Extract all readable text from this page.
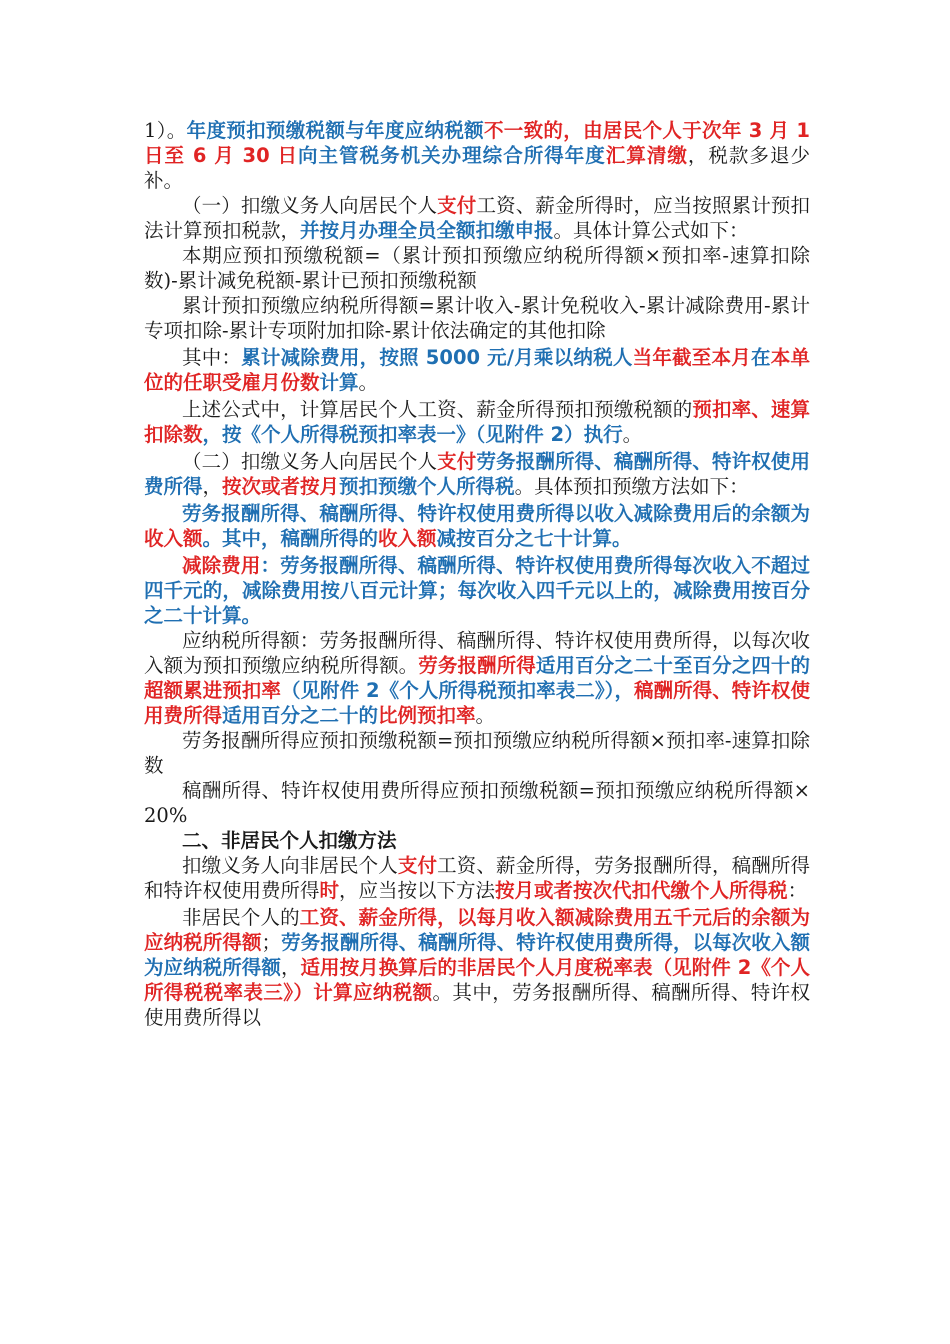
1）。年度预扣预缴税额与年度应纳税额不一致的，由居民个人于次年 3 月 1 日至 6 月 30 日向主管税务机关办理综合所得年度汇算清缴，税款多退少补。

（一）扣缴义务人向居民个人支付工资、薪金所得时，应当按照累计预扣法计算预扣税款，并按月办理全员全额扣缴申报。具体计算公式如下：

本期应预扣预缴税额=（累计预扣预缴应纳税所得额×预扣率-速算扣除数)-累计减免税额-累计已预扣预缴税额

累计预扣预缴应纳税所得额=累计收入-累计免税收入-累计减除费用-累计专项扣除-累计专项附加扣除-累计依法确定的其他扣除

其中：累计减除费用，按照 5000 元/月乘以纳税人当年截至本月在本单位的任职受雇月份数计算。

上述公式中，计算居民个人工资、薪金所得预扣预缴税额的预扣率、速算扣除数，按《个人所得税预扣率表一》（见附件 2）执行。

（二）扣缴义务人向居民个人支付劳务报酬所得、稿酬所得、特许权使用费所得，按次或者按月预扣预缴个人所得税。具体预扣预缴方法如下：

劳务报酬所得、稿酬所得、特许权使用费所得以收入减除费用后的余额为收入额。其中，稿酬所得的收入额减按百分之七十计算。

减除费用：劳务报酬所得、稿酬所得、特许权使用费所得每次收入不超过四千元的，减除费用按八百元计算；每次收入四千元以上的，减除费用按百分之二十计算。

应纳税所得额：劳务报酬所得、稿酬所得、特许权使用费所得，以每次收入额为预扣预缴应纳税所得额。劳务报酬所得适用百分之二十至百分之四十的超额累进预扣率（见附件 2《个人所得税预扣率表二》），稿酬所得、特许权使用费所得适用百分之二十的比例预扣率。

劳务报酬所得应预扣预缴税额=预扣预缴应纳税所得额×预扣率-速算扣除数

稿酬所得、特许权使用费所得应预扣预缴税额=预扣预缴应纳税所得额×20%

二、非居民个人扣缴方法

扣缴义务人向非居民个人支付工资、薪金所得，劳务报酬所得，稿酬所得和特许权使用费所得时，应当按以下方法按月或者按次代扣代缴个人所得税：

非居民个人的工资、薪金所得，以每月收入额减除费用五千元后的余额为应纳税所得额；劳务报酬所得、稿酬所得、特许权使用费所得，以每次收入额为应纳税所得额，适用按月换算后的非居民个人月度税率表（见附件 2《个人所得税税率表三》）计算应纳税额。其中，劳务报酬所得、稿酬所得、特许权使用费所得以
